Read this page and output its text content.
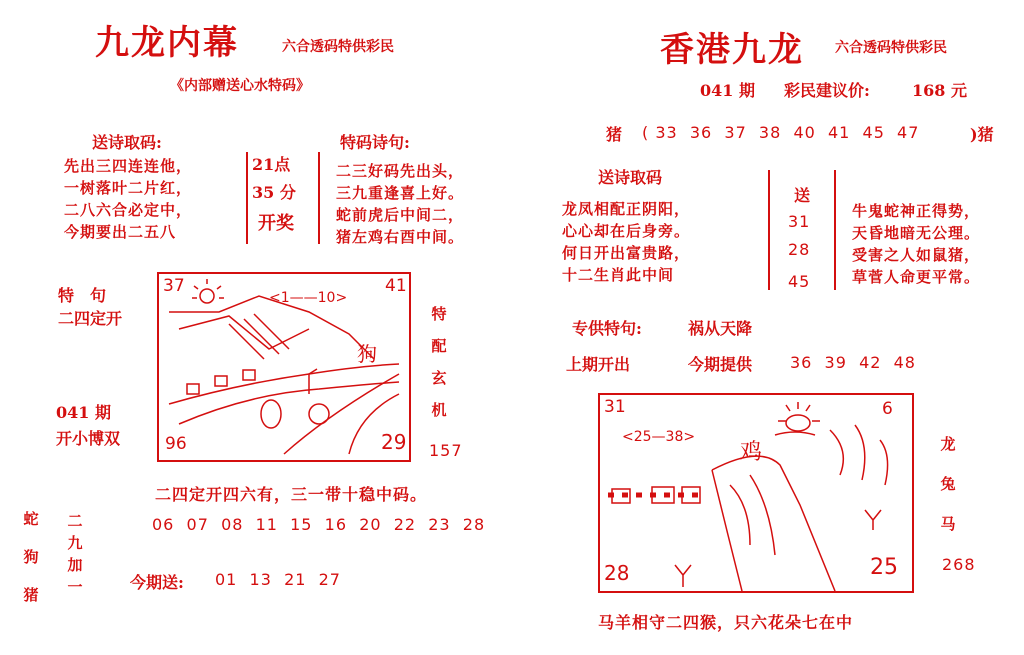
九龙内幕	六合透码特供彩民
《内部赠送心水特码》
送诗取码:
先出三四连连他，
一树落叶二片红，
二八六合必定中，
今期要出二五八
21点
35 分
开奖
特码诗句:
二三好码先出头，
三九重逢喜上好。
蛇前虎后中间二，
猪左鸡右酉中间。
特　句
二四定开
041 期
开小博双
37	41
<1——10>
狗
96	29
特
配
玄
机
157
二四定开四六有，三一带十稳中码。
蛇
狗
猪
二
九
加
一
06  07  08  11  15  16  20  22  23  28
今期送: 01  13  21  27
香港九龙 六合透码特供彩民
041 期 彩民建议价:	168 元
猪 ( 33  36  37  38  40  41  45  47	)猪
送诗取码
龙凤相配正阴阳，
心心却在后身旁。
何日开出富贵路，
十二生肖此中间
送
31
28
45
牛鬼蛇神正得势，
天昏地暗无公理。
受害之人如鼠猪，
草菅人命更平常。
专供特句:	祸从天降
上期开出	今期提供 36  39  42  48
31	6
<25—38>
鸡
28	25
龙
兔
马
268
马羊相守二四猴，只六花朵七在中
